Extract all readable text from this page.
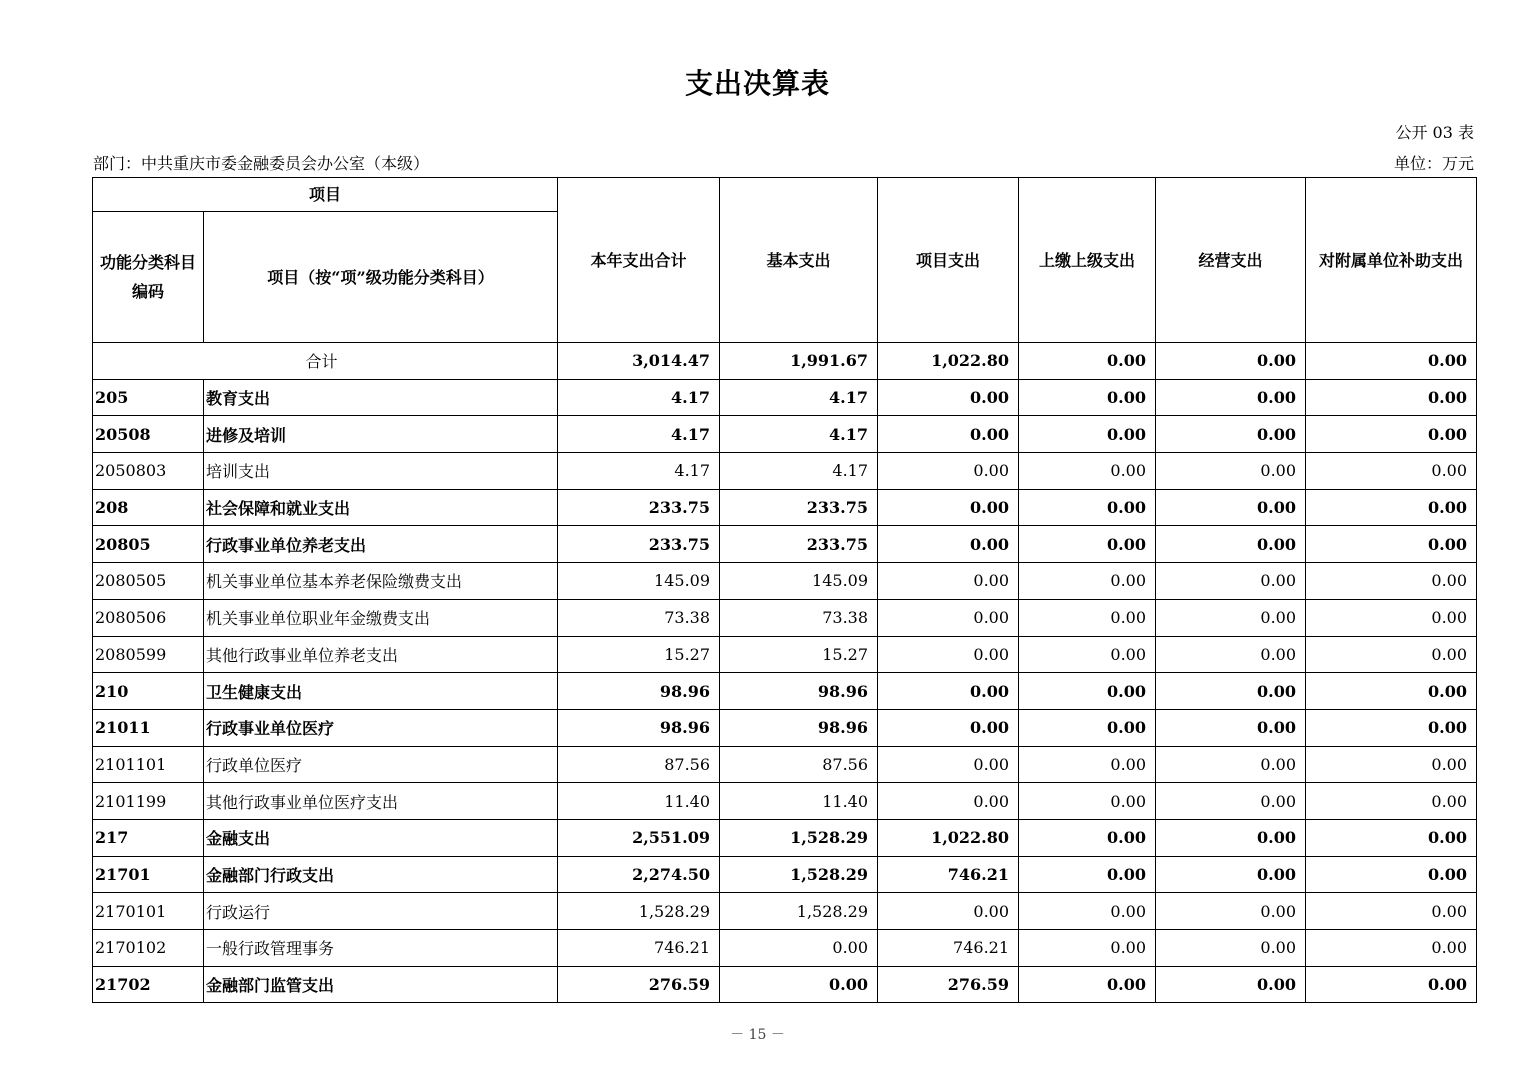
支出决算表
公开 03 表
部门：中共重庆市委金融委员会办公室（本级）	单位：万元
项目		本年支出合计	基本支出	项目支出	上缴上级支出	经营支出	对附属单位补助支出
功能分类科目编码	项目（按“项”级功能分类科目）						
合计		3,014.47	1,991.67	1,022.80	0.00	0.00	0.00
205	教育支出	4.17	4.17	0.00	0.00	0.00	0.00
20508	进修及培训	4.17	4.17	0.00	0.00	0.00	0.00
2050803	培训支出	4.17	4.17	0.00	0.00	0.00	0.00
208	社会保障和就业支出	233.75	233.75	0.00	0.00	0.00	0.00
20805	行政事业单位养老支出	233.75	233.75	0.00	0.00	0.00	0.00
2080505	机关事业单位基本养老保险缴费支出	145.09	145.09	0.00	0.00	0.00	0.00
2080506	机关事业单位职业年金缴费支出	73.38	73.38	0.00	0.00	0.00	0.00
2080599	其他行政事业单位养老支出	15.27	15.27	0.00	0.00	0.00	0.00
210	卫生健康支出	98.96	98.96	0.00	0.00	0.00	0.00
21011	行政事业单位医疗	98.96	98.96	0.00	0.00	0.00	0.00
2101101	行政单位医疗	87.56	87.56	0.00	0.00	0.00	0.00
2101199	其他行政事业单位医疗支出	11.40	11.40	0.00	0.00	0.00	0.00
217	金融支出	2,551.09	1,528.29	1,022.80	0.00	0.00	0.00
21701	金融部门行政支出	2,274.50	1,528.29	746.21	0.00	0.00	0.00
2170101	行政运行	1,528.29	1,528.29	0.00	0.00	0.00	0.00
2170102	一般行政管理事务	746.21	0.00	746.21	0.00	0.00	0.00
21702	金融部门监管支出	276.59	0.00	276.59	0.00	0.00	0.00
－ 15 －
